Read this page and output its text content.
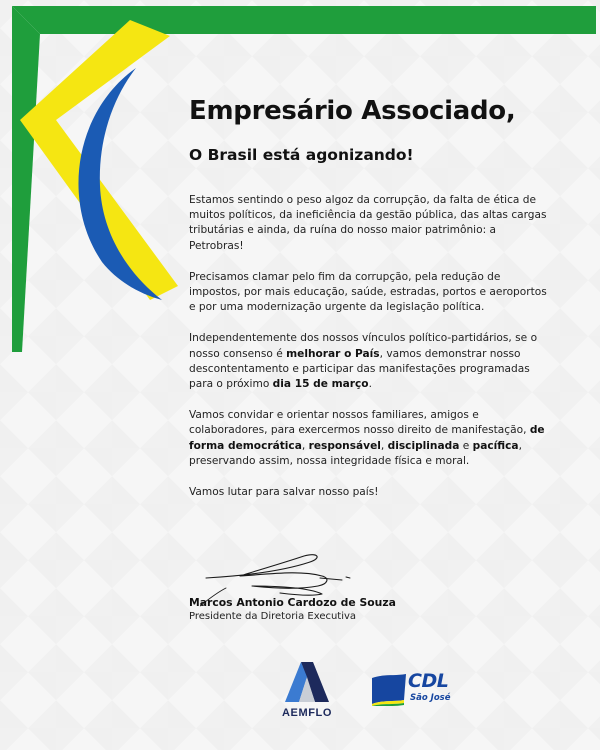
Empresário Associado,
O Brasil está agonizando!

Estamos sentindo o peso algoz da corrupção, da falta de ética de muitos políticos, da ineficiência da gestão pública, das altas cargas tributárias e ainda, da ruína do nosso maior patrimônio: a Petrobras!

Precisamos clamar pelo fim da corrupção, pela redução de impostos, por mais educação, saúde, estradas, portos e aeroportos e por uma modernização urgente da legislação política.

Independentemente dos nossos vínculos político-partidários, se o nosso consenso é melhorar o País, vamos demonstrar nosso descontentamento e participar das manifestações programadas para o próximo dia 15 de março.

Vamos convidar e orientar nossos familiares, amigos e colaboradores, para exercermos nosso direito de manifestação, de forma democrática, responsável, disciplinada e pacífica, preservando assim, nossa integridade física e moral.

Vamos lutar para salvar nosso país!

Marcos Antonio Cardozo de Souza
Presidente da Diretoria Executiva
AEMFLO
CDL
São José
